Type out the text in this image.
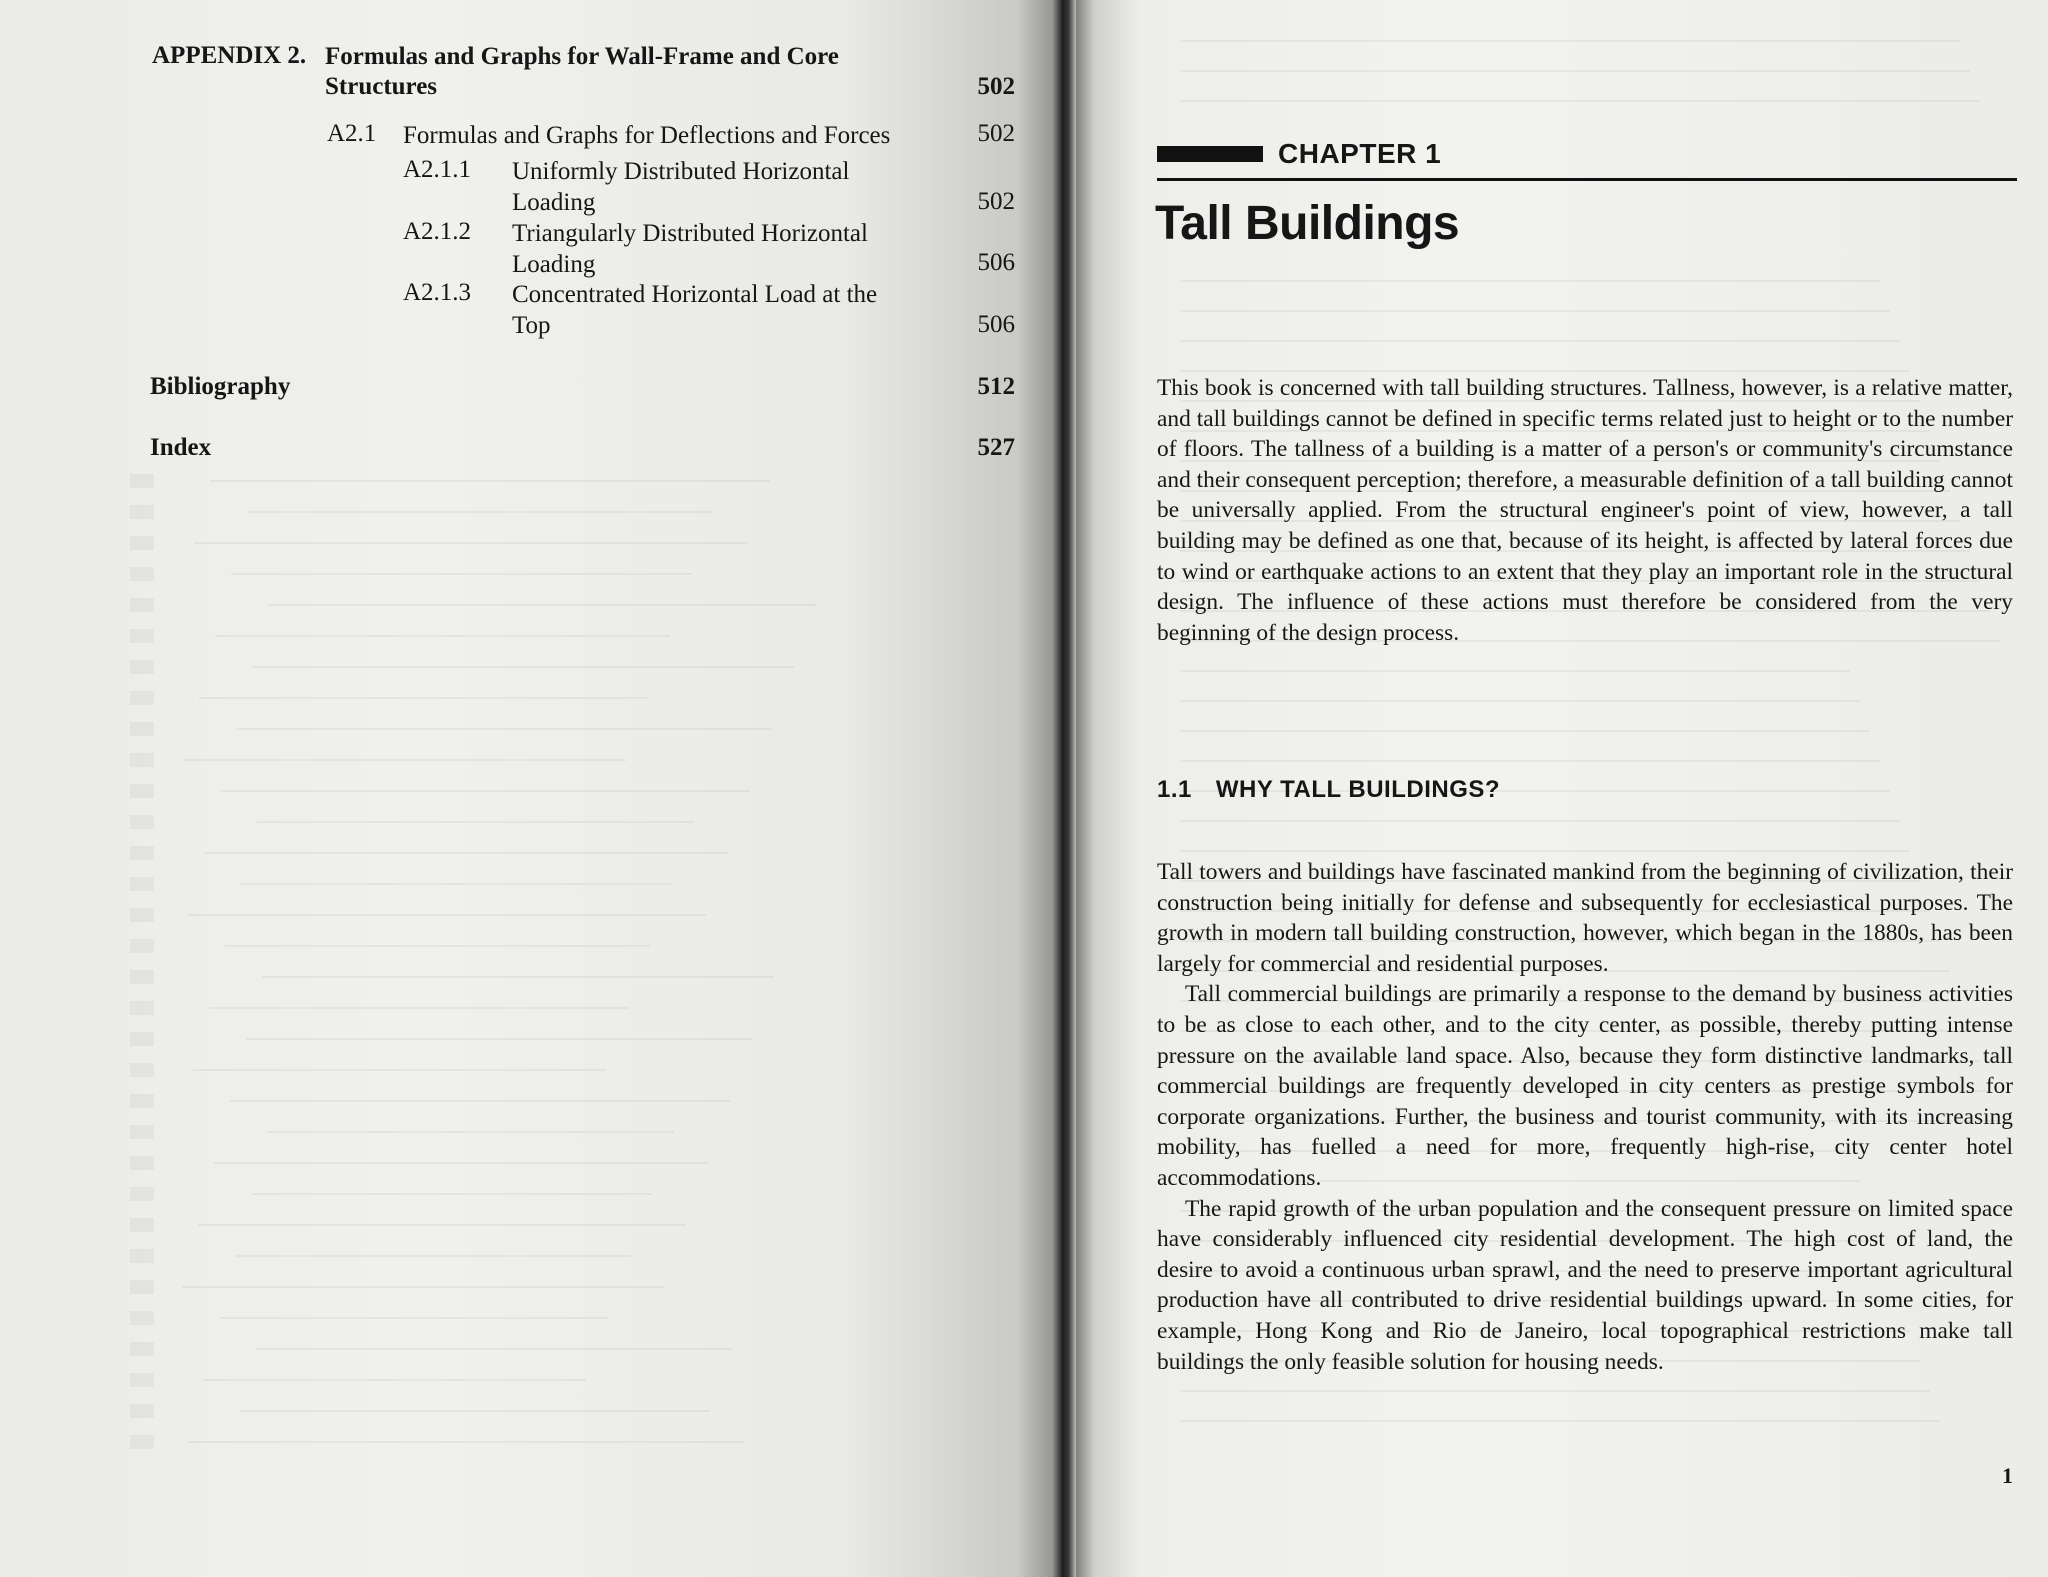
APPENDIX 2. Formulas and Graphs for Wall-Frame and Core Structures	502
A2.1 Formulas and Graphs for Deflections and Forces	502
A2.1.1 Uniformly Distributed Horizontal Loading	502
A2.1.2 Triangularly Distributed Horizontal Loading	506
A2.1.3 Concentrated Horizontal Load at the Top	506
Bibliography	512
Index	527
CHAPTER 1
Tall Buildings
This book is concerned with tall building structures. Tallness, however, is a relative matter, and tall buildings cannot be defined in specific terms related just to height or to the number of floors. The tallness of a building is a matter of a person's or community's circumstance and their consequent perception; therefore, a measurable definition of a tall building cannot be universally applied. From the structural engineer's point of view, however, a tall building may be defined as one that, because of its height, is affected by lateral forces due to wind or earthquake actions to an extent that they play an important role in the structural design. The influence of these actions must therefore be considered from the very beginning of the design process.
1.1 WHY TALL BUILDINGS?

Tall towers and buildings have fascinated mankind from the beginning of civilization, their construction being initially for defense and subsequently for ecclesiastical purposes. The growth in modern tall building construction, however, which began in the 1880s, has been largely for commercial and residential purposes.

Tall commercial buildings are primarily a response to the demand by business activities to be as close to each other, and to the city center, as possible, thereby putting intense pressure on the available land space. Also, because they form distinctive landmarks, tall commercial buildings are frequently developed in city centers as prestige symbols for corporate organizations. Further, the business and tourist community, with its increasing mobility, has fuelled a need for more, frequently high-rise, city center hotel accommodations.

The rapid growth of the urban population and the consequent pressure on limited space have considerably influenced city residential development. The high cost of land, the desire to avoid a continuous urban sprawl, and the need to preserve important agricultural production have all contributed to drive residential buildings upward. In some cities, for example, Hong Kong and Rio de Janeiro, local topographical restrictions make tall buildings the only feasible solution for housing needs.

1
